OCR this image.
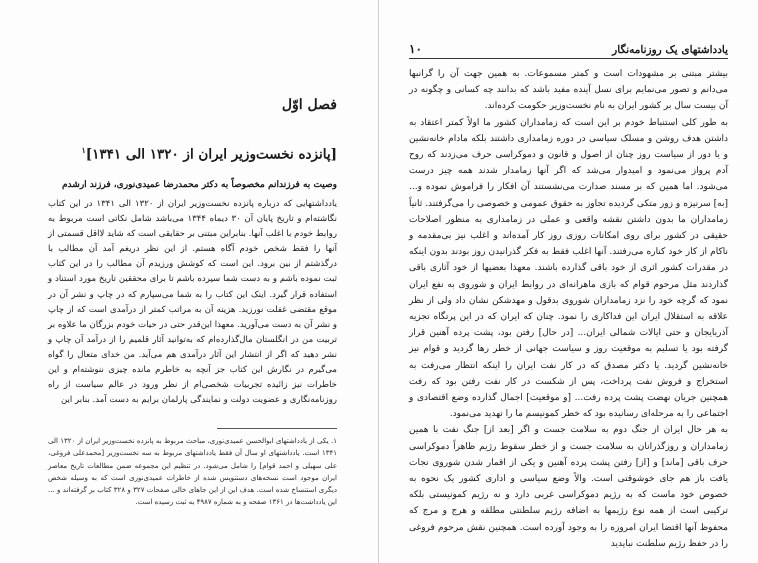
فصل اوّل
[پانزده نخست‌وزیر ایران از ۱۳۲۰ الی ۱۳۴۱]$^۱$
وصیت به فرزندانم مخصوصاً به دکتر محمدرضا عمیدی‌نوری، فرزند ارشدم

یادداشتهایی که درباره پانزده نخست‌وزیر ایران از ۱۳۲۰ الی ۱۳۴۱ در این کتاب نگاشته‌ام و تاریخ پایان آن ۳۰ دیماه ۱۳۴۴ می‌باشد شامل نکاتی است مربوط به روابط خودم با اغلب آنها. بنابراین مبتنی بر حقایقی است که شاید لااقل قسمتی از آنها را فقط شخص خودم آگاه هستم. از این نظر دریغم آمد آن مطالب با درگذشتم از بین برود. این است که کوشش ورزیدم آن مطالب را در این کتاب ثبت نموده باشم و به دست شما سپرده باشم تا برای محققین تاریخ مورد استناد و استفاده قرار گیرد. اینک این کتاب را به شما می‌سپارم که در چاپ و نشر آن در موقع مقتضی غفلت نورزید. هزینه آن به مراتب کمتر از درآمدی است که از چاپ و نشر آن به دست می‌آورید. معهذا این‌قدر حتی در حیات خودم بزرگان ما علاوه بر تربیت من در انگلستان مال‌گذارده‌ام که به‌توانید آثار قلمیم را از درآمد آن چاپ و نشر دهید که اگر از انتشار این آثار درآمدی هم می‌آید. من خدای متعال را گواه می‌گیرم در نگارش این کتاب جز آنچه به خاطرم مانده چیزی ننوشته‌ام و این خاطرات نیز زائیده تجربیات شخصی‌ام از نظر ورود در عالم سیاست از راه روزنامه‌نگاری و عضویت دولت و نمایندگی پارلمان برایم به دست آمد. بنابر این

۱. یکی از یادداشتهای ابوالحسن عمیدی‌نوری، مباحث مربوط به پانزده نخست‌وزیر ایران از ۱۳۲۰ الی ۱۳۴۱ است. یادداشتهای او سال آن فقط یادداشتهای مربوط به سه نخست‌وزیر [محمدعلی فروغی، علی سهیلی و احمد قوام] را شامل می‌شود. در تنظیم این مجموعه ضمن مطالعات تاریخ معاصر ایران موجود است نسخه‌های دستنویس شده از خاطرات عمیدی‌نوری است که به وسیله شخص دیگری استنساخ شده است. هدف این از این جا‌های خالی صفحات ۳۲۷ و ۳۲۸ کتاب بر گرفته‌اند و ... این یادداشت‌ها در ۱۳۶۱ صفحه و به شماره ۴۹۸۷ به ثبت رسیده است.

یادداشتهای یک روزنامه‌نگار
۱۰

بیشتر مبتنی بر مشهودات است و کمتر مسموعات. به همین جهت آن را گرانبها می‌دانم و تصور می‌نمایم برای نسل آینده مفید باشد که بدانند چه کسانی و چگونه در آن بیست سال بر کشور ایران به نام نخست‌وزیر حکومت کرده‌اند.

به طور کلی استنباط خودم بر این است که زمامداران کشور ما اولاً کمتر اعتقاد به داشتن هدف روشن و مسلک سیاسی در دوره زمامداری داشتند بلکه مادام خانه‌نشین و یا دور از سیاست روز چنان از اصول و قانون و دموکراسی حرف می‌زدند که روح آدم پرواز می‌نمود و امیدوار می‌شد که اگر آنها زمامدار شدند همه چیز درست می‌شود. اما همین که بر مسند صدارت می‌نشستند آن افکار را فراموش نموده و... [به] سرنیزه و زور متکی گردیده تجاوز به حقوق عمومی و خصوصی را می‌گرفتند. ثانیاً زمامداران ما بدون داشتن نقشه واقعی و عملی در زمامداری به منظور اصلاحات حقیقی در کشور برای روی امکانات روزی روز کار آمده‌اند و اغلب نیز بی‌مقدمه و ناکام از کار خود کناره می‌رفتند. آنها اغلب فقط به فکر گذرانیدن روز بودند بدون اینکه در مقدرات کشور اثری از خود باقی گذارده باشند. معهذا بعضیها از خود آثاری باقی گذاردند مثل مرحوم قوام که بازی ماهرانه‌ای در روابط ایران و شوروی به نفع ایران نمود که گرچه خود را نزد زمامداران شوروی بدقول و مهدشکن نشان داد ولی از نظر علاقه به استقلال ایران این فداکاری را نمود. چنان که ایران که در این پرتگاه تجزیه آذربایجان و حتی ایالات شمالی ایران... [در حال] رفتن بود، پشت پرده آهنین قرار گرفته بود یا تسلیم به موقعیت روز و سیاست جهانی از خطر رها گردید و قوام نیز خانه‌نشین گردید. یا دکتر مصدق که در کار نفت ایران را اینکه انتظار می‌رفت به استخراج و فروش نفت پرداخت، پس از شکست در کار نفت رفتن بود که رفت همچنین جریان نهضت پشت پرده رفت... [و موقعیت] اجمال گذارده وضع اقتصادی و اجتماعی را به مرحله‌ای رسانیده بود که خطر کمونیسم ما را تهدید می‌نمود.

به هر حال ایران از جنگ دوم به سلامت جست و اگر [بعد از] جنگ نفت با همین زمامداران و روزگذرانان به سلامت جست و از خطر سقوط رژیم ظاهراً دموکراسی حرف باقی [ماند] و [از] رفتن پشت پرده آهنین و یکی از اقمار شدن شوروی نجات یافت باز هم جای خوشوقتی است. والاً وضع سیاسی و اداری کشور یک نحوه به خصوص خود ماست که به رژیم دموکراسی غربی دارد و نه رژیم کمونیستی بلکه ترکیبی است از همه نوع رژیمها به اضافه رژیم سلطنتی مطلقه و هرج و مرج که محفوظ آنها اقتضا ایران امروزه را به وجود آورده است. همچنین نقش مرحوم فروغی را در حفظ رژیم سلطنت نبایدید
